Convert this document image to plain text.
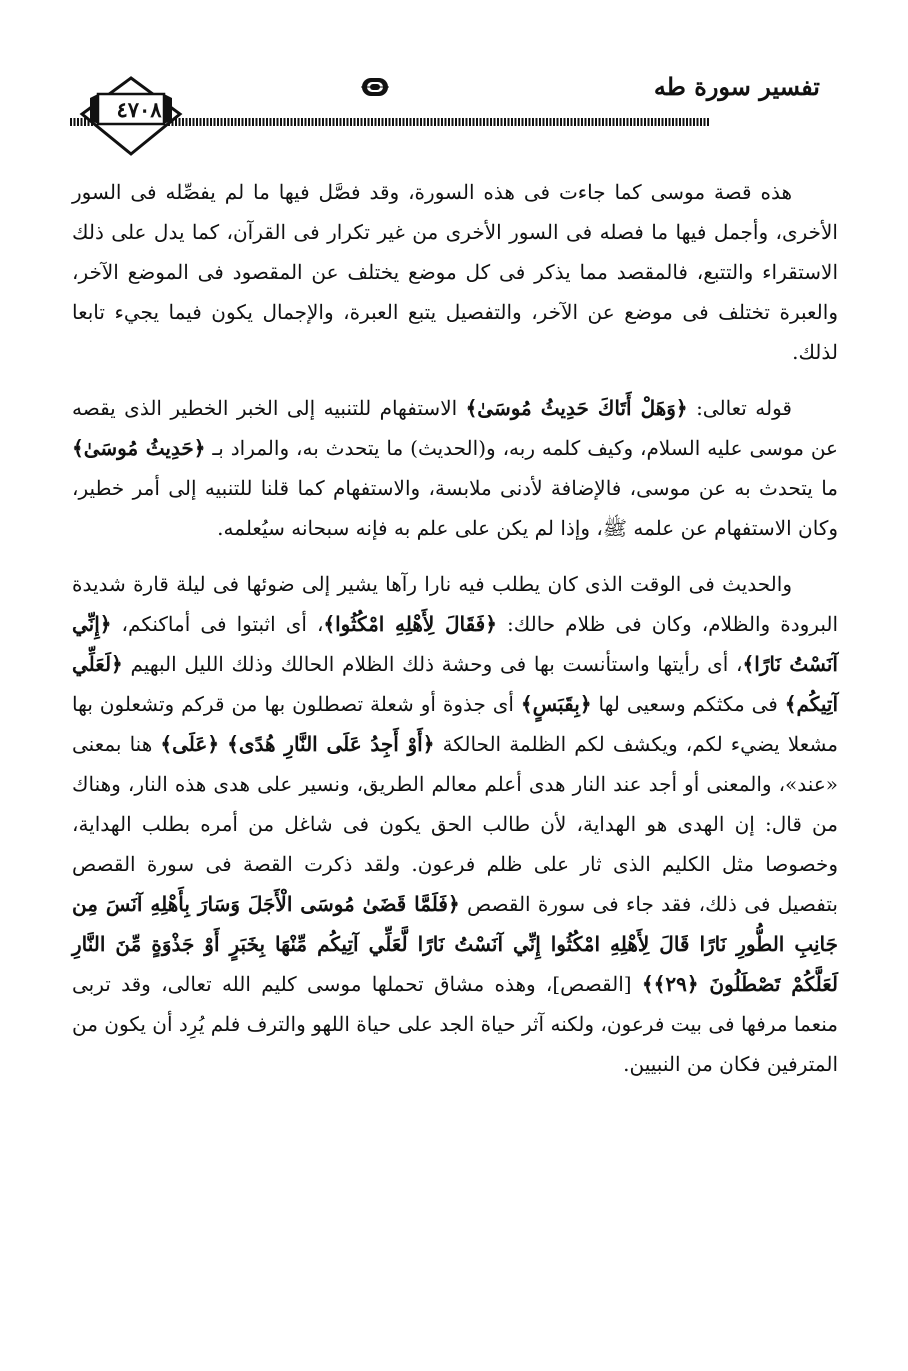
تفسير سورة طه
٤٧٠٨

هذه قصة موسى كما جاءت فى هذه السورة، وقد فصَّل فيها ما لم يفصِّله فى السور الأخرى، وأجمل فيها ما فصله فى السور الأخرى من غير تكرار فى القرآن، كما يدل على ذلك الاستقراء والتتبع، فالمقصد مما يذكر فى كل موضع يختلف عن المقصود فى الموضع الآخر، والعبرة تختلف فى موضع عن الآخر، والتفصيل يتبع العبرة، والإجمال يكون فيما يجيء تابعا لذلك.

قوله تعالى: ﴿وَهَلْ أَتَاكَ حَدِيثُ مُوسَىٰ﴾ الاستفهام للتنبيه إلى الخبر الخطير الذى يقصه عن موسى عليه السلام، وكيف كلمه ربه، و(الحديث) ما يتحدث به، والمراد بـ ﴿حَدِيثُ مُوسَىٰ﴾ ما يتحدث به عن موسى، فالإضافة لأدنى ملابسة، والاستفهام كما قلنا للتنبيه إلى أمر خطير، وكان الاستفهام عن علمه ﷺ، وإذا لم يكن على علم به فإنه سبحانه سيُعلمه.

والحديث فى الوقت الذى كان يطلب فيه نارا رآها يشير إلى ضوئها فى ليلة قارة شديدة البرودة والظلام، وكان فى ظلام حالك: ﴿فَقَالَ لِأَهْلِهِ امْكُثُوا﴾، أى اثبتوا فى أماكنكم، ﴿إِنِّي آنَسْتُ نَارًا﴾، أى رأيتها واستأنست بها فى وحشة ذلك الظلام الحالك وذلك الليل البهيم ﴿لَعَلِّي آتِيكُم﴾ فى مكثكم وسعيى لها ﴿بِقَبَسٍ﴾ أى جذوة أو شعلة تصطلون بها من قركم وتشعلون بها مشعلا يضيء لكم، ويكشف لكم الظلمة الحالكة ﴿أَوْ أَجِدُ عَلَى النَّارِ هُدًى﴾ ﴿عَلَى﴾ هنا بمعنى «عند»، والمعنى أو أجد عند النار هدى أعلم معالم الطريق، ونسير على هدى هذه النار، وهناك من قال: إن الهدى هو الهداية، لأن طالب الحق يكون فى شاغل من أمره بطلب الهداية، وخصوصا مثل الكليم الذى ثار على ظلم فرعون. ولقد ذكرت القصة فى سورة القصص بتفصيل فى ذلك، فقد جاء فى سورة القصص ﴿فَلَمَّا قَضَىٰ مُوسَى الْأَجَلَ وَسَارَ بِأَهْلِهِ آنَسَ مِن جَانِبِ الطُّورِ نَارًا قَالَ لِأَهْلِهِ امْكُثُوا إِنِّي آنَسْتُ نَارًا لَّعَلِّي آتِيكُم مِّنْهَا بِخَبَرٍ أَوْ جَذْوَةٍ مِّنَ النَّارِ لَعَلَّكُمْ تَصْطَلُونَ ﴿٢٩﴾﴾ [القصص]، وهذه مشاق تحملها موسى كليم الله تعالى، وقد تربى منعما مرفها فى بيت فرعون، ولكنه آثر حياة الجد على حياة اللهو والترف فلم يُرِد أن يكون من المترفين فكان من النبيين.
